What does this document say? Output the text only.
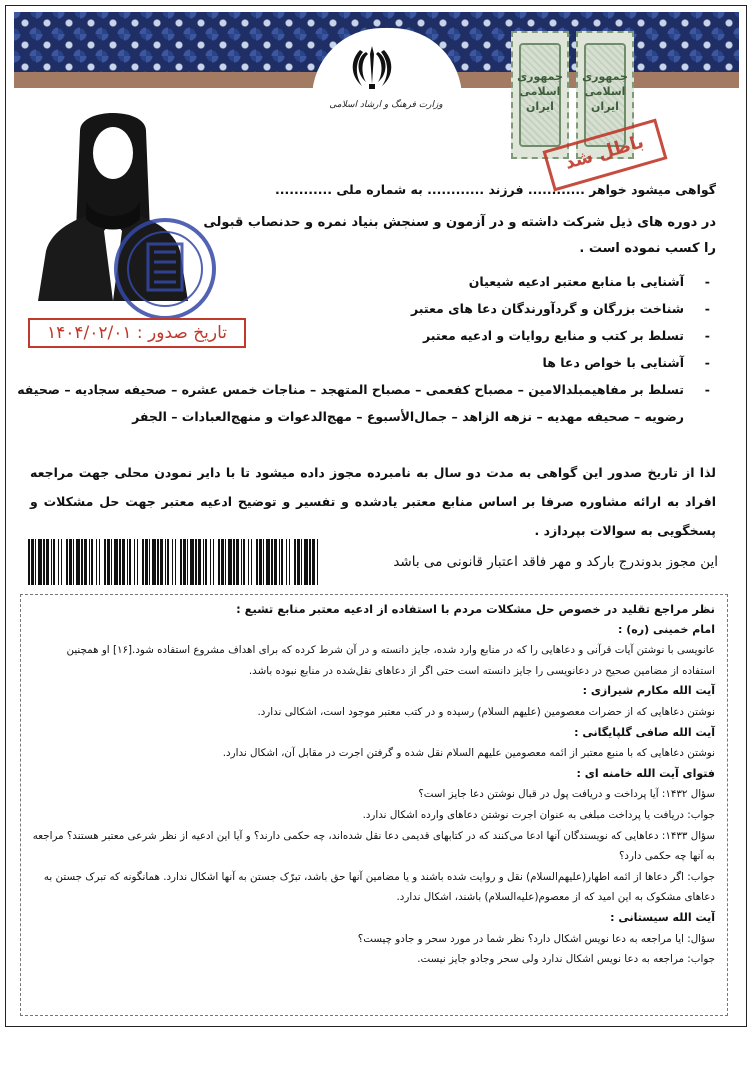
وزارت فرهنگ و ارشاد اسلامی
جمهوری اسلامی ایران
جمهوری اسلامی ایران
باطل شد
تاریخ صدور : ۱۴۰۴/۰۲/۰۱
گواهی میشود خواهر ............ فرزند ............ به شماره ملی ............
در دوره های ذیل شرکت داشته و در آزمون و سنجش بنیاد نمره و حدنصاب قبولی را کسب نموده است .
- آشنایی با منابع معتبر ادعیه شیعیان
- شناخت بزرگان و گردآورندگان دعا های معتبر
- تسلط بر کتب و منابع روایات و ادعیه معتبر
- آشنایی با خواص دعا ها
- تسلط بر مفاهیمبلدالامین – مصباح کفعمی – مصباح المتهجد – مناجات خمس عشره – صحیفه سجادیه – صحیفه رضویه – صحیفه مهدیه – نزهه الزاهد – جمال‌الأسبوع – مهج‌الدعوات و منهج‌العبادات – الجفر
لذا از تاریخ صدور این گواهی به مدت دو سال به نامبرده مجوز داده میشود تا با دایر نمودن محلی جهت مراجعه افراد به ارائه مشاوره صرفا بر اساس منابع معتبر یادشده و تفسیر و توضیح ادعیه معتبر جهت حل مشکلات و پسخگویی به سوالات بپردازد .
این مجوز بدوندرج بارکد و مهر فاقد اعتبار قانونی می باشد
نظر مراجع تقلید در خصوص حل مشکلات مردم با استفاده از ادعیه معتبر منابع تشیع :
امام خمینی (ره) :

عانویسی با نوشتن آیات قرآنی و دعاهایی را که در منابع وارد شده، جایز دانسته و در آن شرط کرده که برای اهداف مشروع استفاده شود.[۱۶] او همچنین استفاده از مضامین صحیح در دعانویسی را جایز دانسته است حتی اگر از دعاهای نقل‌شده در منابع نبوده باشد.

آیت الله مکارم شیرازی :

نوشتن دعاهایی که از حضرات معصومین (علیهم السلام) رسیده و در کتب معتبر موجود است، اشکالی ندارد.

آیت الله صافی گلپایگانی :

نوشتن دعاهایی که با منبع معتبر از ائمه معصومین علیهم السلام نقل شده و گرفتن اجرت در مقابل آن، اشکال ندارد.

فتوای آیت الله خامنه ای :

سؤال ۱۴۳۲: آیا پرداخت و دریافت پول در قبال نوشتن دعا جایز است؟

جواب: دریافت یا پرداخت مبلغی به عنوان اجرت نوشتن دعاهای وارده اشکال ندارد.

سؤال ۱۴۳۳: دعاهایی که نویسندگان آنها ادعا می‌کنند که در کتابهای قدیمی دعا نقل شده‌اند، چه حکمی دارند؟ و آیا این ادعیه از نظر شرعی معتبر هستند؟ مراجعه به آنها چه حکمی دارد؟

جواب: اگر دعاها از ائمه اطهار(علیهم‌السلام) نقل و روایت شده باشند و یا مضامین آنها حق باشد، تبرّک جستن به آنها اشکال ندارد. همانگونه که تبرک جستن به دعاهای مشکوک به این امید که از معصوم(علیه‌السلام) باشند، اشکال ندارد.

آیت الله سیستانی :

سؤال: ایا مراجعه به دعا نویس اشکال دارد؟ نظر شما در مورد سحر و جادو چیست؟

جواب: مراجعه به دعا نویس اشکال ندارد ولی سحر وجادو جایز نیست.
